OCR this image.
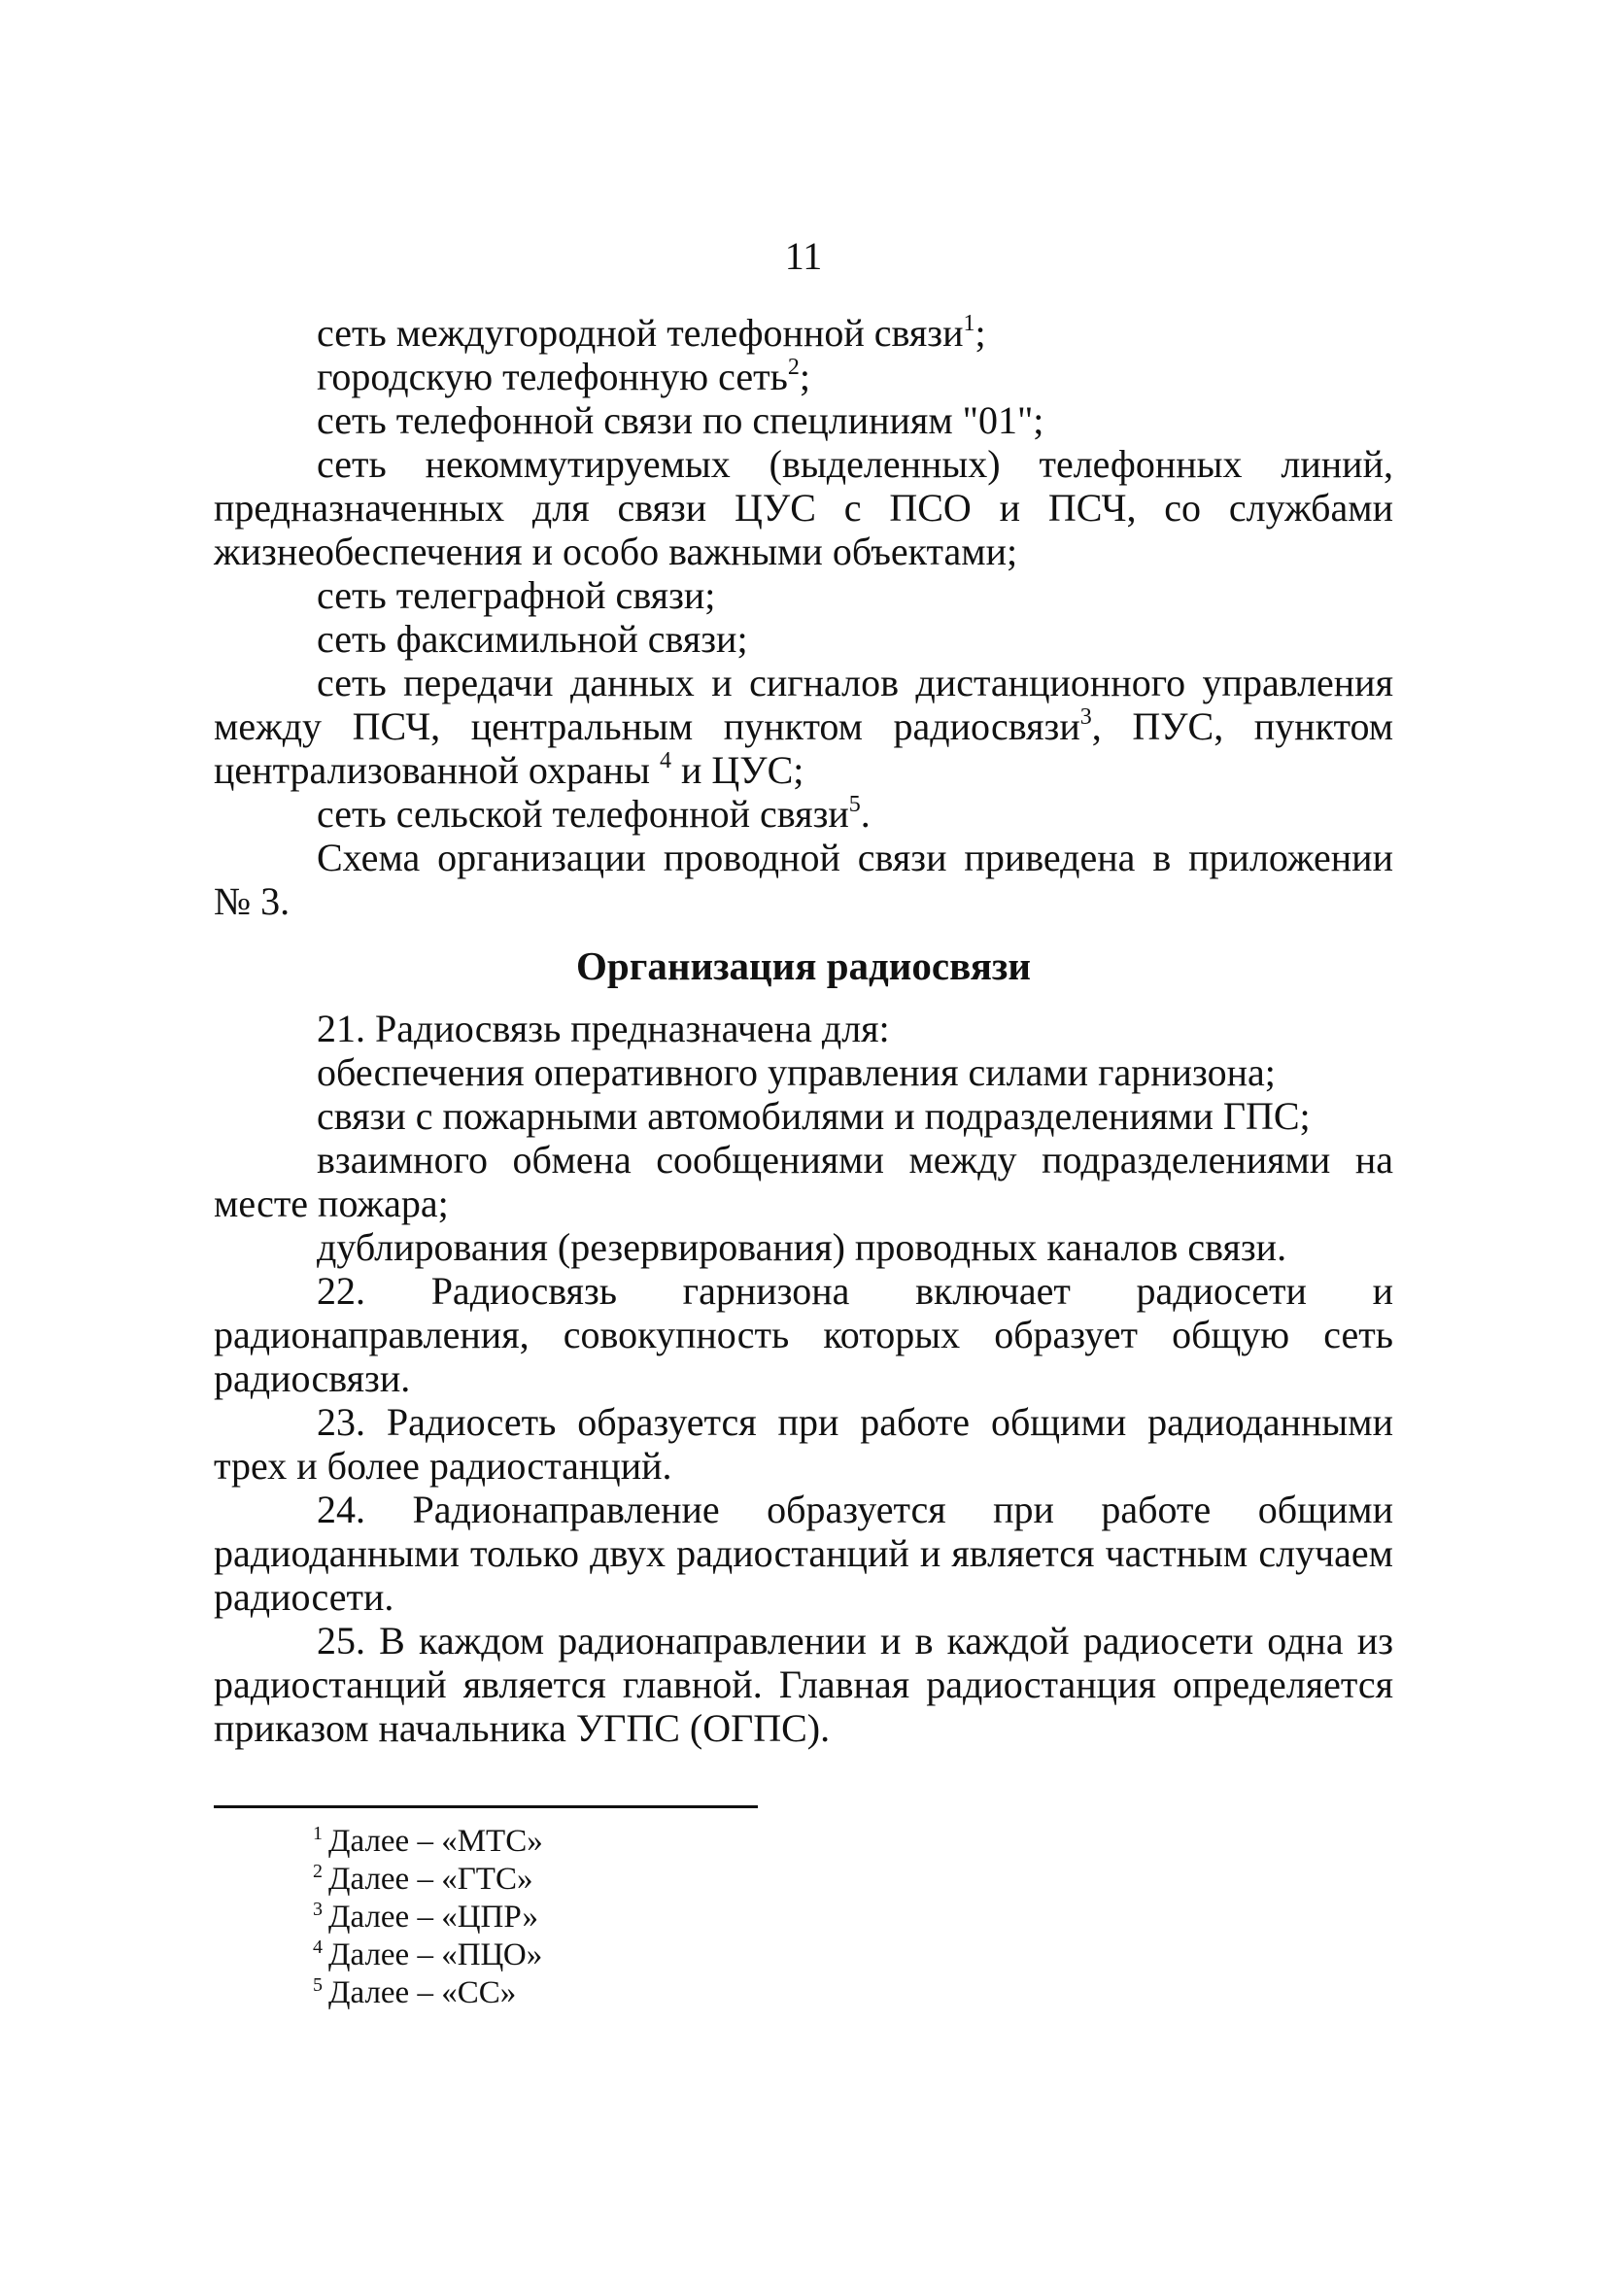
11

сеть междугородной телефонной связи$^1$;

городскую телефонную сеть$^2$;

сеть телефонной связи по спецлиниям "01";

сеть некоммутируемых (выделенных) телефонных линий, предназначенных для связи ЦУС с ПСО и ПСЧ, со службами жизнеобеспечения и особо важными объектами;

сеть телеграфной связи;

сеть факсимильной связи;

сеть передачи данных и сигналов дистанционного управления между ПСЧ, центральным пунктом радиосвязи$^3$, ПУС, пунктом централизованной охраны $^4$ и ЦУС;

сеть сельской телефонной связи$^5$.

Схема организации проводной связи приведена в приложении № 3.

Организация радиосвязи

21. Радиосвязь предназначена для:

обеспечения оперативного управления силами гарнизона;

связи с пожарными автомобилями и подразделениями ГПС;

взаимного обмена сообщениями между подразделениями на месте пожара;

дублирования (резервирования) проводных каналов связи.

22. Радиосвязь гарнизона включает радиосети и радионаправления, совокупность которых образует общую сеть радиосвязи.

23. Радиосеть образуется при работе общими радиоданными трех и более радиостанций.

24. Радионаправление образуется при работе общими радиоданными только двух радиостанций и является частным случаем радиосети.

25. В каждом радионаправлении и в каждой радиосети одна из радиостанций является главной. Главная радиостанция определяется приказом начальника УГПС (ОГПС).

$^1$ Далее – «МТС»
$^2$ Далее – «ГТС»
$^3$ Далее – «ЦПР»
$^4$ Далее – «ПЦО»
$^5$ Далее – «СС»
